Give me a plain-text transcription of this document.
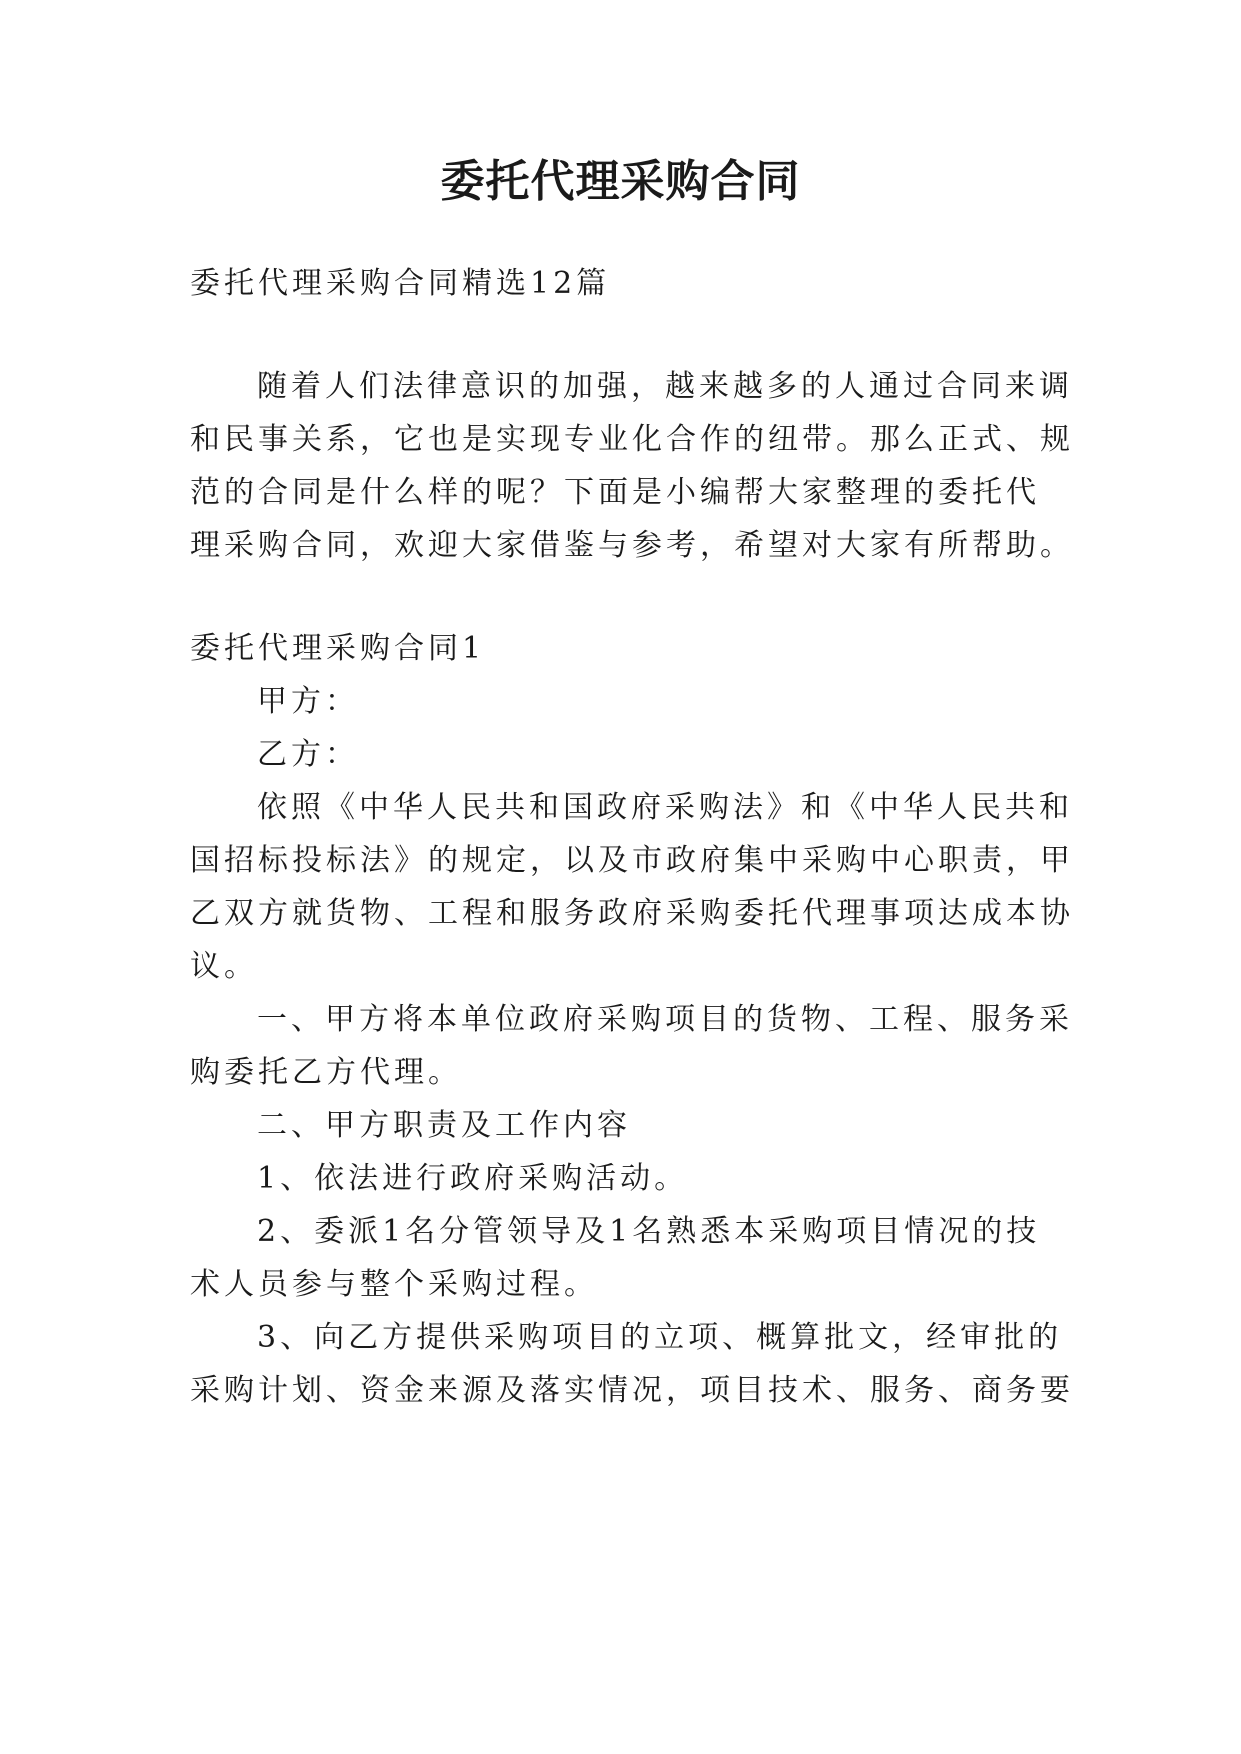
委托代理采购合同
委托代理采购合同精选12篇
随着人们法律意识的加强，越来越多的人通过合同来调
和民事关系，它也是实现专业化合作的纽带。那么正式、规
范的合同是什么样的呢？下面是小编帮大家整理的委托代
理采购合同，欢迎大家借鉴与参考，希望对大家有所帮助。
委托代理采购合同1
甲方：
乙方：
依照《中华人民共和国政府采购法》和《中华人民共和
国招标投标法》的规定，以及市政府集中采购中心职责，甲
乙双方就货物、工程和服务政府采购委托代理事项达成本协
议。
一、甲方将本单位政府采购项目的货物、工程、服务采
购委托乙方代理。
二、甲方职责及工作内容
1、依法进行政府采购活动。
2、委派1名分管领导及1名熟悉本采购项目情况的技
术人员参与整个采购过程。
3、向乙方提供采购项目的立项、概算批文，经审批的
采购计划、资金来源及落实情况，项目技术、服务、商务要
